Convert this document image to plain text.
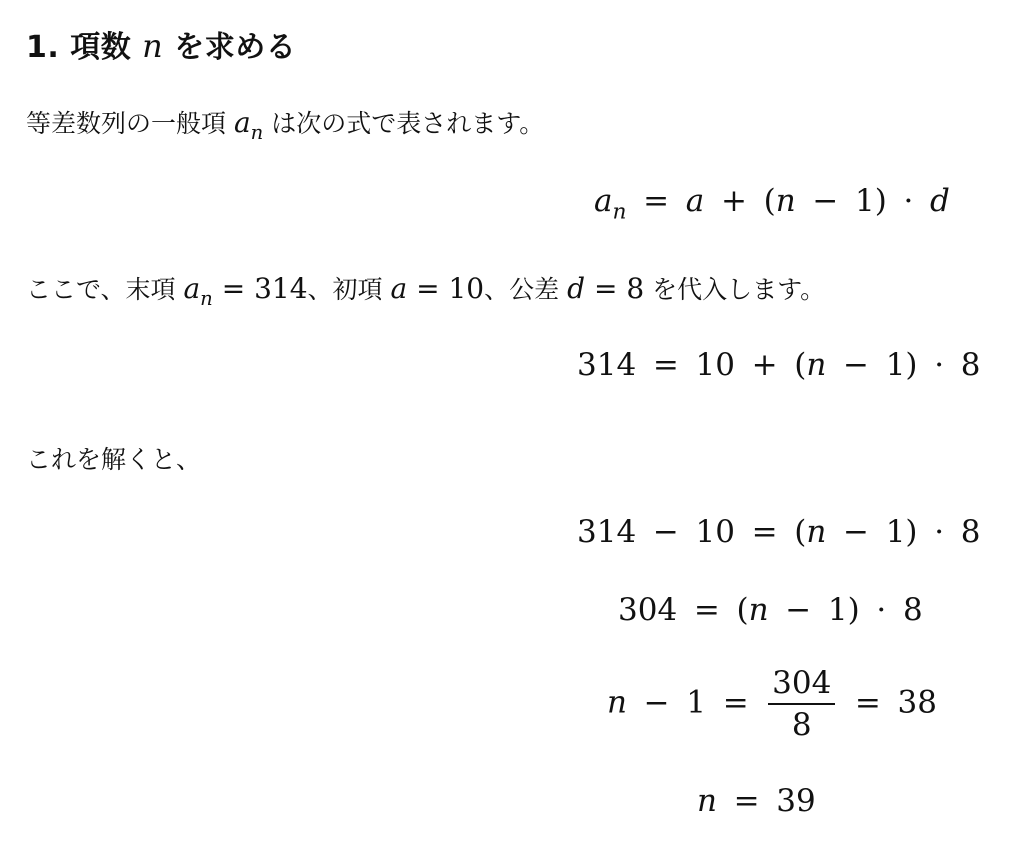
1. 項数 n を求める
等差数列の一般項 $a_n$ は次の式で表されます。
$a_n = a + (n - 1) \cdot d$
ここで、末項 $a_n = 314$、初項 a = 10、公差 d = 8 を代入します。
314 = 10 + (n − 1) · 8
これを解くと、
314 − 10 = (n − 1) · 8
304 = (n − 1) · 8
$n - 1 = \frac{304}{8} = 38$
n = 39
